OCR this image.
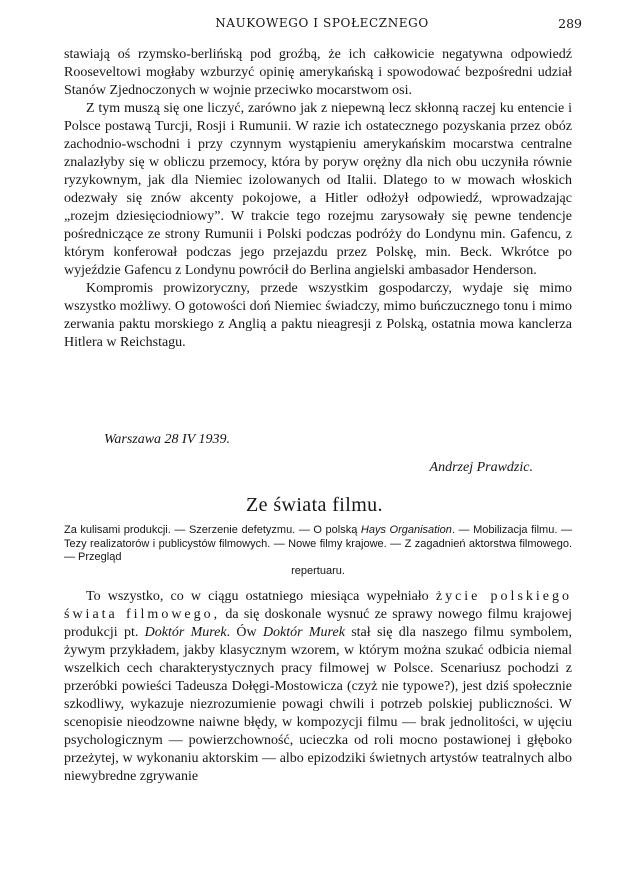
NAUKOWEGO I SPOŁECZNEGO	289

stawiają oś rzymsko-berlińską pod groźbą, że ich całkowicie negatywna odpowiedź Rooseveltowi mogłaby wzburzyć opinię amerykańską i spowodować bezpośredni udział Stanów Zjednoczonych w wojnie przeciwko mocarstwom osi.

Z tym muszą się one liczyć, zarówno jak z niepewną lecz skłonną raczej ku entencie i Polsce postawą Turcji, Rosji i Rumunii. W razie ich ostatecznego pozyskania przez obóz zachodnio-wschodni i przy czynnym wystąpieniu amerykańskim mocarstwa centralne znalazłyby się w obliczu przemocy, która by poryw orężny dla nich obu uczyniła równie ryzykownym, jak dla Niemiec izolowanych od Italii. Dlatego to w mowach włoskich odezwały się znów akcenty pokojowe, a Hitler odłożył odpowiedź, wprowadzając „rozejm dziesięciodniowy”. W trakcie tego rozejmu zarysowały się pewne tendencje pośredniczące ze strony Rumunii i Polski podczas podróży do Londynu min. Gafencu, z którym konferował podczas jego przejazdu przez Polskę, min. Beck. Wkrótce po wyjeździe Gafencu z Londynu powrócił do Berlina angielski ambasador Henderson.

Kompromis prowizoryczny, przede wszystkim gospodarczy, wydaje się mimo wszystko możliwy. O gotowości doń Niemiec świadczy, mimo buńczucznego tonu i mimo zerwania paktu morskiego z Anglią a paktu nieagresji z Polską, ostatnia mowa kanclerza Hitlera w Reichstagu.

Warszawa 28 IV 1939.
Andrzej Prawdzic.
Ze świata filmu.
Za kulisami produkcji. — Szerzenie defetyzmu. — O polską Hays Organisation. — Mobilizacja filmu. — Tezy realizatorów i publicystów filmowych. — Nowe filmy krajowe. — Z zagadnień aktorstwa filmowego. — Przegląd
repertuaru.

To wszystko, co w ciągu ostatniego miesiąca wypełniało życie polskiego świata filmowego, da się doskonale wysnuć ze sprawy nowego filmu krajowej produkcji pt. Doktór Murek. Ów Doktór Murek stał się dla naszego filmu symbolem, żywym przykładem, jakby klasycznym wzorem, w którym można szukać odbicia niemal wszelkich cech charakterystycznych pracy filmowej w Polsce. Scenariusz pochodzi z przeróbki powieści Tadeusza Dołęgi-Mostowicza (czyż nie typowe?), jest dziś społecznie szkodliwy, wykazuje niezrozumienie powagi chwili i potrzeb polskiej publiczności. W scenopisie nieodzowne naiwne błędy, w kompozycji filmu — brak jednolitości, w ujęciu psychologicznym — powierzchowność, ucieczka od roli mocno postawionej i głęboko przeżytej, w wykonaniu aktorskim — albo epizodziki świetnych artystów teatralnych albo niewybredne zgrywanie
